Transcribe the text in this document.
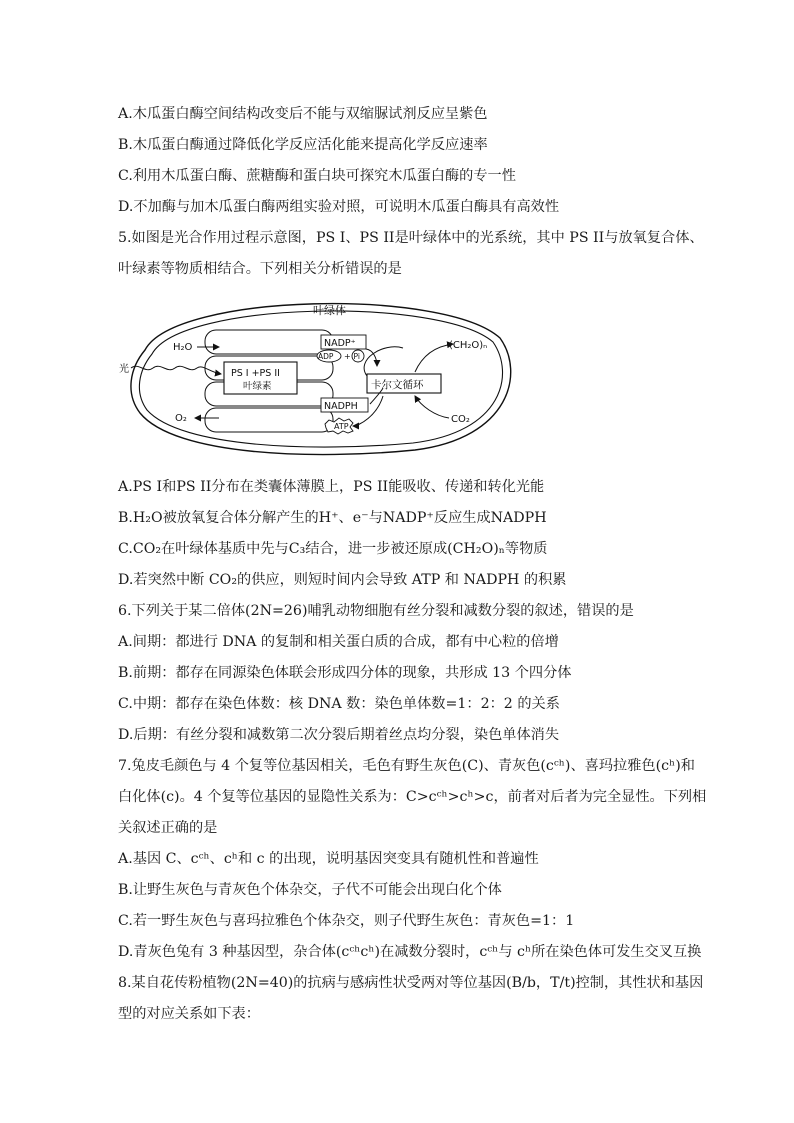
A.木瓜蛋白酶空间结构改变后不能与双缩脲试剂反应呈紫色
B.木瓜蛋白酶通过降低化学反应活化能来提高化学反应速率
C.利用木瓜蛋白酶、蔗糖酶和蛋白块可探究木瓜蛋白酶的专一性
D.不加酶与加木瓜蛋白酶两组实验对照，可说明木瓜蛋白酶具有高效性
5.如图是光合作用过程示意图，PS I、PS II是叶绿体中的光系统，其中 PS II与放氧复合体、
叶绿素等物质相结合。下列相关分析错误的是
叶绿体
PS I +PS II
叶绿素
光
H₂O
O₂
NADP⁺
ADP + Pi
NADPH
ATP
卡尔文循环
(CH₂O)ₙ
CO₂
A.PS I和PS II分布在类囊体薄膜上，PS II能吸收、传递和转化光能
B.H₂O被放氧复合体分解产生的H⁺、e⁻与NADP⁺反应生成NADPH
C.CO₂在叶绿体基质中先与C₃结合，进一步被还原成(CH₂O)ₙ等物质
D.若突然中断 CO₂的供应，则短时间内会导致 ATP 和 NADPH 的积累
6.下列关于某二倍体(2N=26)哺乳动物细胞有丝分裂和减数分裂的叙述，错误的是
A.间期：都进行 DNA 的复制和相关蛋白质的合成，都有中心粒的倍增
B.前期：都存在同源染色体联会形成四分体的现象，共形成 13 个四分体
C.中期：都存在染色体数：核 DNA 数：染色单体数=1：2：2 的关系
D.后期：有丝分裂和减数第二次分裂后期着丝点均分裂，染色单体消失
7.兔皮毛颜色与 4 个复等位基因相关，毛色有野生灰色(C)、青灰色(cᶜʰ)、喜玛拉雅色(cʰ)和
白化体(c)。4 个复等位基因的显隐性关系为：C>cᶜʰ>cʰ>c，前者对后者为完全显性。下列相
关叙述正确的是
A.基因 C、cᶜʰ、cʰ和 c 的出现，说明基因突变具有随机性和普遍性
B.让野生灰色与青灰色个体杂交，子代不可能会出现白化个体
C.若一野生灰色与喜玛拉雅色个体杂交，则子代野生灰色：青灰色=1：1
D.青灰色兔有 3 种基因型，杂合体(cᶜʰcʰ)在减数分裂时，cᶜʰ与 cʰ所在染色体可发生交叉互换
8.某自花传粉植物(2N=40)的抗病与感病性状受两对等位基因(B/b，T/t)控制，其性状和基因
型的对应关系如下表：
